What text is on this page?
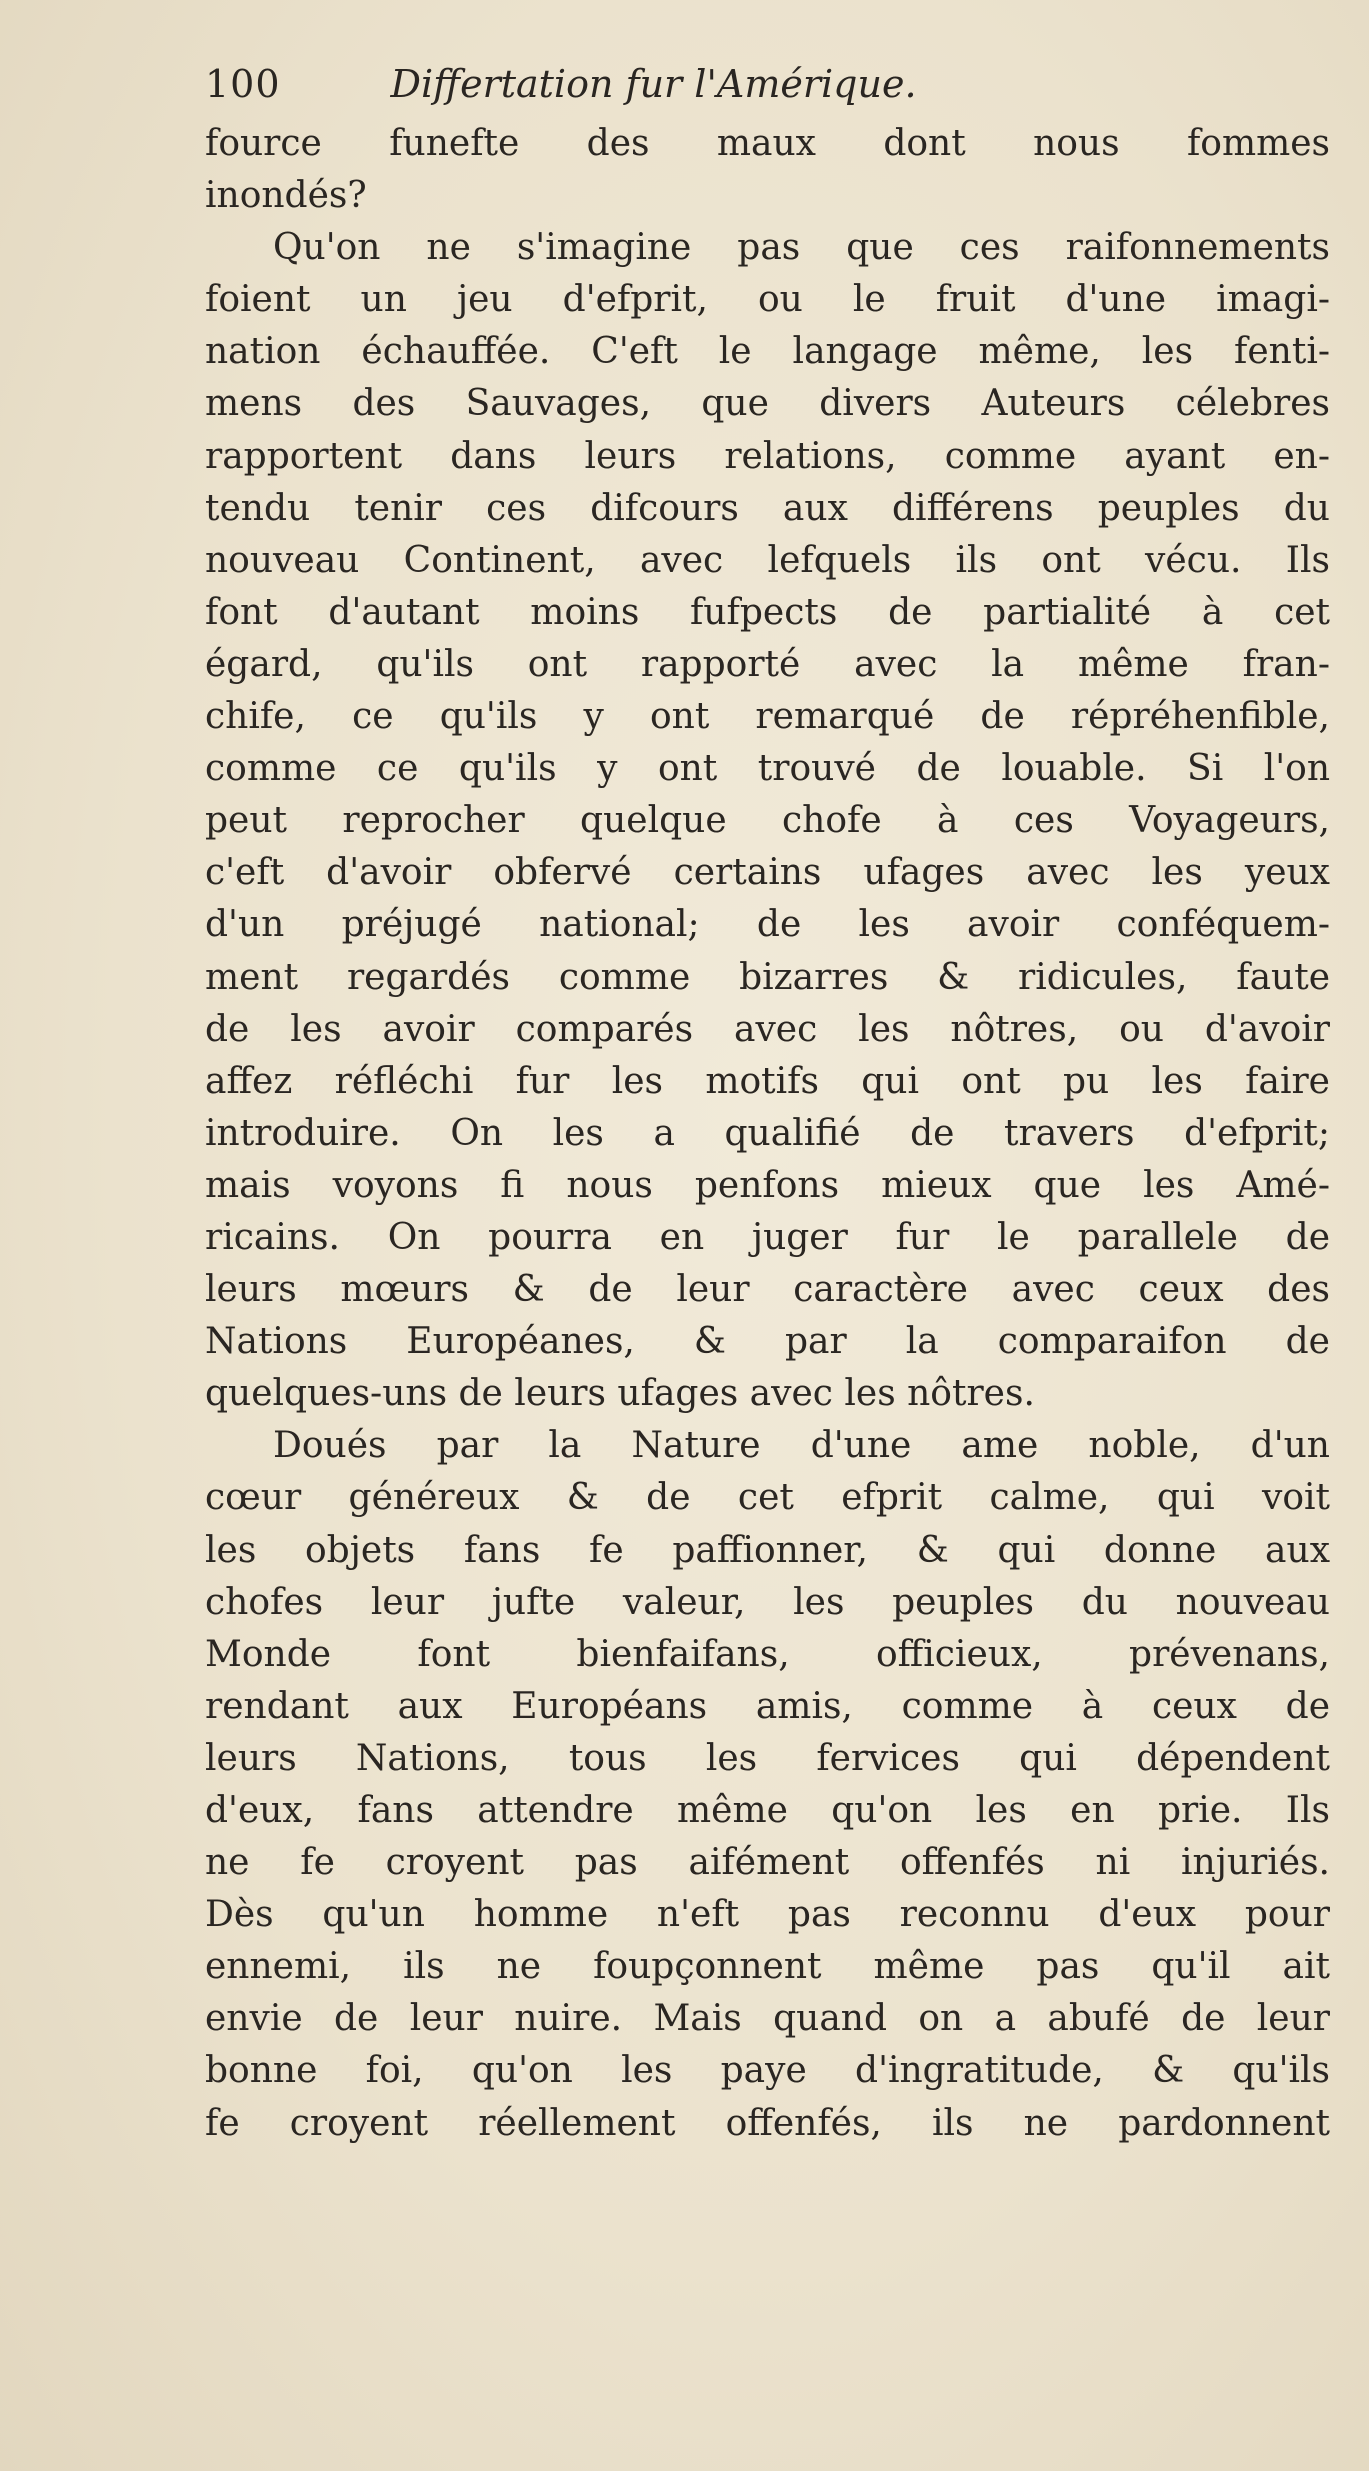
100	Differtation fur l'Amérique.
fource funefte des maux dont nous fommes
inondés?
Qu'on ne s'imagine pas que ces raifonnements
foient un jeu d'efprit, ou le fruit d'une imagi-
nation échauffée. C'eft le langage même, les fenti-
mens des Sauvages, que divers Auteurs célebres
rapportent dans leurs relations, comme ayant en-
tendu tenir ces difcours aux différens peuples du
nouveau Continent, avec lefquels ils ont vécu. Ils
font d'autant moins fufpects de partialité à cet
égard, qu'ils ont rapporté avec la même fran-
chife, ce qu'ils y ont remarqué de répréhenfible,
comme ce qu'ils y ont trouvé de louable. Si l'on
peut reprocher quelque chofe à ces Voyageurs,
c'eft d'avoir obfervé certains ufages avec les yeux
d'un préjugé national; de les avoir conféquem-
ment regardés comme bizarres & ridicules, faute
de les avoir comparés avec les nôtres, ou d'avoir
affez réfléchi fur les motifs qui ont pu les faire
introduire. On les a qualifié de travers d'efprit;
mais voyons fi nous penfons mieux que les Amé-
ricains. On pourra en juger fur le parallele de
leurs mœurs & de leur caractère avec ceux des
Nations Européanes, & par la comparaifon de
quelques-uns de leurs ufages avec les nôtres.
Doués par la Nature d'une ame noble, d'un
cœur généreux & de cet efprit calme, qui voit
les objets fans fe paffionner, & qui donne aux
chofes leur jufte valeur, les peuples du nouveau
Monde font bienfaifans, officieux, prévenans,
rendant aux Européans amis, comme à ceux de
leurs Nations, tous les fervices qui dépendent
d'eux, fans attendre même qu'on les en prie. Ils
ne fe croyent pas aifément offenfés ni injuriés.
Dès qu'un homme n'eft pas reconnu d'eux pour
ennemi, ils ne foupçonnent même pas qu'il ait
envie de leur nuire. Mais quand on a abufé de leur
bonne foi, qu'on les paye d'ingratitude, & qu'ils
fe croyent réellement offenfés, ils ne pardonnent
